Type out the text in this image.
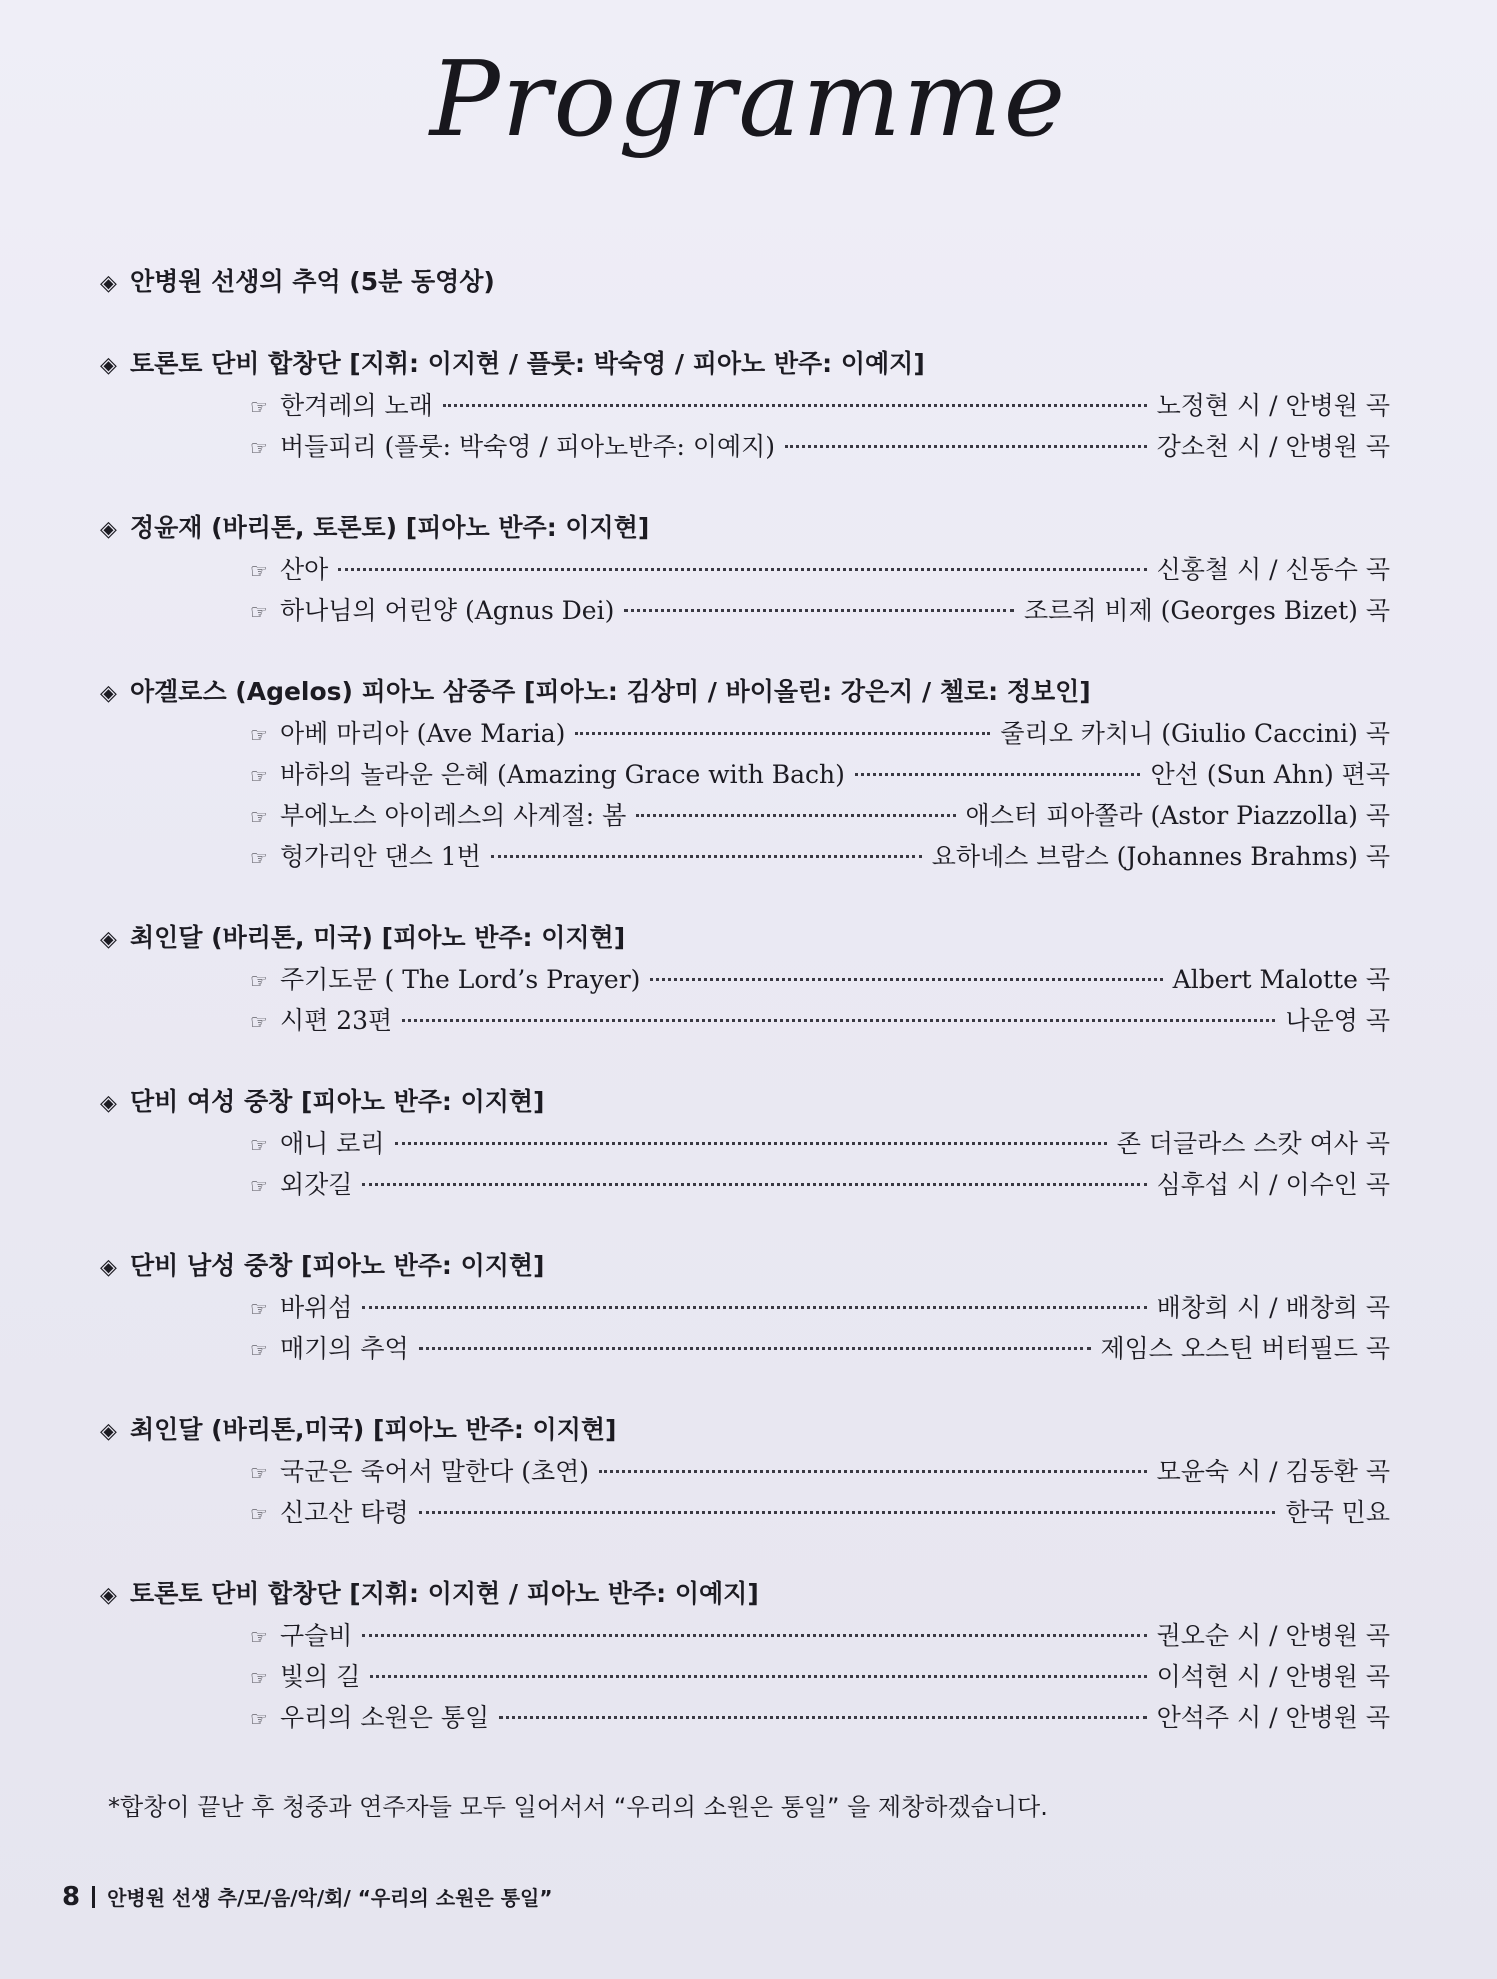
Programme
◈ 안병원 선생의 추억 (5분 동영상)
◈ 토론토 단비 합창단 [지휘: 이지현 / 플룻: 박숙영 / 피아노 반주: 이예지]
☞ 한겨레의 노래	노정현 시 / 안병원 곡
☞ 버들피리 (플룻: 박숙영 / 피아노반주: 이예지)	강소천 시 / 안병원 곡
◈ 정윤재 (바리톤, 토론토) [피아노 반주: 이지현]
☞ 산아	신홍철 시 / 신동수 곡
☞ 하나님의 어린양 (Agnus Dei)	조르쥐 비제 (Georges Bizet) 곡
◈ 아겔로스 (Agelos) 피아노 삼중주 [피아노: 김상미 / 바이올린: 강은지 / 첼로: 정보인]
☞ 아베 마리아 (Ave Maria)	줄리오 카치니 (Giulio Caccini) 곡
☞ 바하의 놀라운 은혜 (Amazing Grace with Bach)	안선 (Sun Ahn) 편곡
☞ 부에노스 아이레스의 사계절: 봄	애스터 피아쫄라 (Astor Piazzolla) 곡
☞ 헝가리안 댄스 1번	요하네스 브람스 (Johannes Brahms) 곡
◈ 최인달 (바리톤, 미국) [피아노 반주: 이지현]
☞ 주기도문 ( The Lord’s Prayer)	Albert Malotte 곡
☞ 시편 23편	나운영 곡
◈ 단비 여성 중창 [피아노 반주: 이지현]
☞ 애니 로리	존 더글라스 스캇 여사 곡
☞ 외갓길	심후섭 시 / 이수인 곡
◈ 단비 남성 중창 [피아노 반주: 이지현]
☞ 바위섬	배창희 시 / 배창희 곡
☞ 매기의 추억	제임스 오스틴 버터필드 곡
◈ 최인달 (바리톤,미국) [피아노 반주: 이지현]
☞ 국군은 죽어서 말한다 (초연)	모윤숙 시 / 김동환 곡
☞ 신고산 타령	한국 민요
◈ 토론토 단비 합창단 [지휘: 이지현 / 피아노 반주: 이예지]
☞ 구슬비	권오순 시 / 안병원 곡
☞ 빛의 길	이석현 시 / 안병원 곡
☞ 우리의 소원은 통일	안석주 시 / 안병원 곡
*합창이 끝난 후 청중과 연주자들 모두 일어서서 “우리의 소원은 통일” 을 제창하겠습니다.
8 안병원 선생 추/모/음/악/회/ “우리의 소원은 통일”
